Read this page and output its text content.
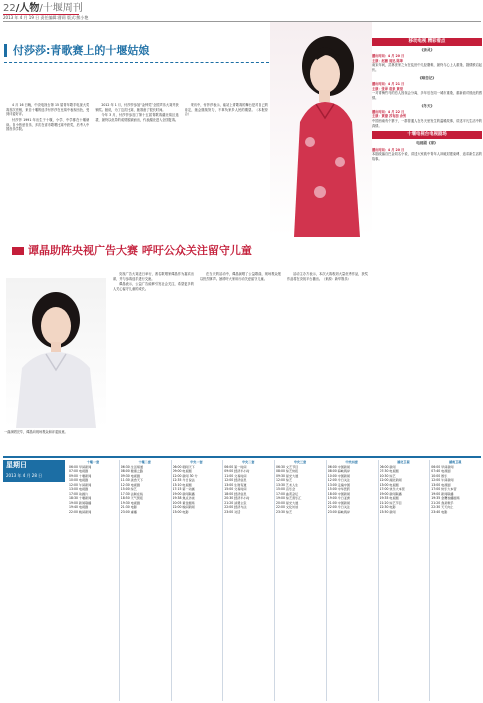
22/人物/十堰周刊
2013 年 4 月 19 日 责任编辑:曹莉 版式:熊小艳
付莎莎:青歌赛上的十堰姑娘

4 月 16 日晚，中央电视台第 15 届青年歌手电视大奖赛首次亮相，来自十堰的选手付莎莎在比赛中表现出色，受到评委好评。

付莎莎 1991 年出生于十堰，小学、中学都在十堰就读。自小热爱音乐，多次在省市歌唱比赛中获奖，后考入中国音乐学院。

2012 年 1 月，付莎莎参加“金钟奖”全国声乐大赛并获铜奖。她说，为了这次比赛，她准备了很长时间。

今年 3 月，付莎莎参加了第十五届青歌赛湖北赛区选拔，最终以优异的成绩脱颖而出，代表湖北进入全国复赛。

采访中，付莎莎表示，能站上青歌赛的舞台是对自己的肯定，她会继续努力，不辜负家乡人民的期望。（本报综合）

移动电视 精彩看点
《亲灵》
播出时间：4 月 20 日
主演：赵薇 周迅 陈坤
南宋年间，武林世家之女在乱世中几经磨难，最终与心上人重逢，剧情跌宕起伏。
《暗恋记》
播出时间：4 月 21 日
主演：张译 袁泉 黄觉
一对青梅竹马的恋人因误会分离，多年后在同一城市重逢，重新面对彼此的感情。
《冬天》
播出时间：4 月 22 日
主演：黄渤 苏有朋 余男
中国西南有个寨子，一群普通人在冬天里发生的温暖故事，讲述平凡生活中的真情。
十堰电视台电视剧场
电视剧《家》
播出时间：4 月 20 日
本剧改编自巴金同名小说，讲述大家族中青年人冲破封建束缚、追求新生活的故事。
谭晶助阵央视广告大赛 呼吁公众关注留守儿童
一曲演唱完毕，谭晶向现场观众和评委致意。

央视广告大赛近日举行，著名歌唱家谭晶作为嘉宾出席，并与参赛选手进行交流。

谭晶表示，公益广告能够引发社会关注，希望更多的人关心留守儿童的成长。

在当天的活动中，谭晶演唱了公益歌曲，现场观众报以热烈掌声。她呼吁大家用行动关爱留守儿童。

活动主办方表示，本次大赛收到大量优秀作品，获奖作品将在央视平台播出。（来源：新华娱乐）

星期日
2013 年 4 月 28 日
十堰一套
06:00 早间新闻
07:00 电视剧
09:00 十堰新闻
10:00 电视剧
12:00 午间新闻
13:00 电视剧
17:00 动画片
18:30 十堰新闻
19:00 新闻联播
19:40 电视剧
22:00 晚间新闻
十堰二套
06:30 生活频道
08:00 健康之路
09:30 电视剧
11:30 美食天下
12:30 电视剧
15:00 综艺
17:30 法制在线
18:50 天气预报
19:30 电视剧
21:30 电影
23:00 重播
中央一套
06:00 朝闻天下
09:00 电视剧
12:00 新闻 30 分
12:35 今日说法
13:10 电视剧
17:15 第一动画
19:00 新闻联播
19:38 焦点访谈
20:05 黄金剧场
22:00 晚间新闻
23:00 电影
中央二套
06:00 第一时间
09:00 经济半小时
11:00 交易时间
12:00 经济信息
13:00 生财有道
15:00 交易时间
18:00 经济信息
20:30 经济半小时
21:20 消费主张
22:00 经济与法
23:00 对话
中央三套
06:30 文艺节目
08:00 综艺快报
09:30 星光大道
12:00 综艺
13:30 艺术人生
15:00 音乐会
17:00 曲苑杂坛
19:00 综艺喜乐汇
20:00 星光大道
22:00 文化访谈
23:30 综艺
中央四套
06:00 中国新闻
08:00 海峡两岸
10:00 中国新闻
12:00 今日关注
13:00 走遍中国
15:00 中华医药
18:00 中国新闻
19:00 今日亚洲
21:00 中国新闻
22:00 今日关注
23:00 海峡两岸
湖北卫视
06:00 新闻
07:30 电视剧
10:30 综艺
12:00 湖北新闻
13:00 电视剧
17:00 快乐大本营
19:00 新闻联播
19:35 电视剧
21:20 综艺节目
22:30 电影
23:50 新闻
湖南卫视
06:00 早间新闻
07:40 电视剧
10:00 娱乐
12:00 午间新闻
13:00 电视剧
17:00 快乐大本营
19:00 新闻联播
19:35 金鹰独播剧场
21:20 我是歌手
22:30 天天向上
23:40 电影
